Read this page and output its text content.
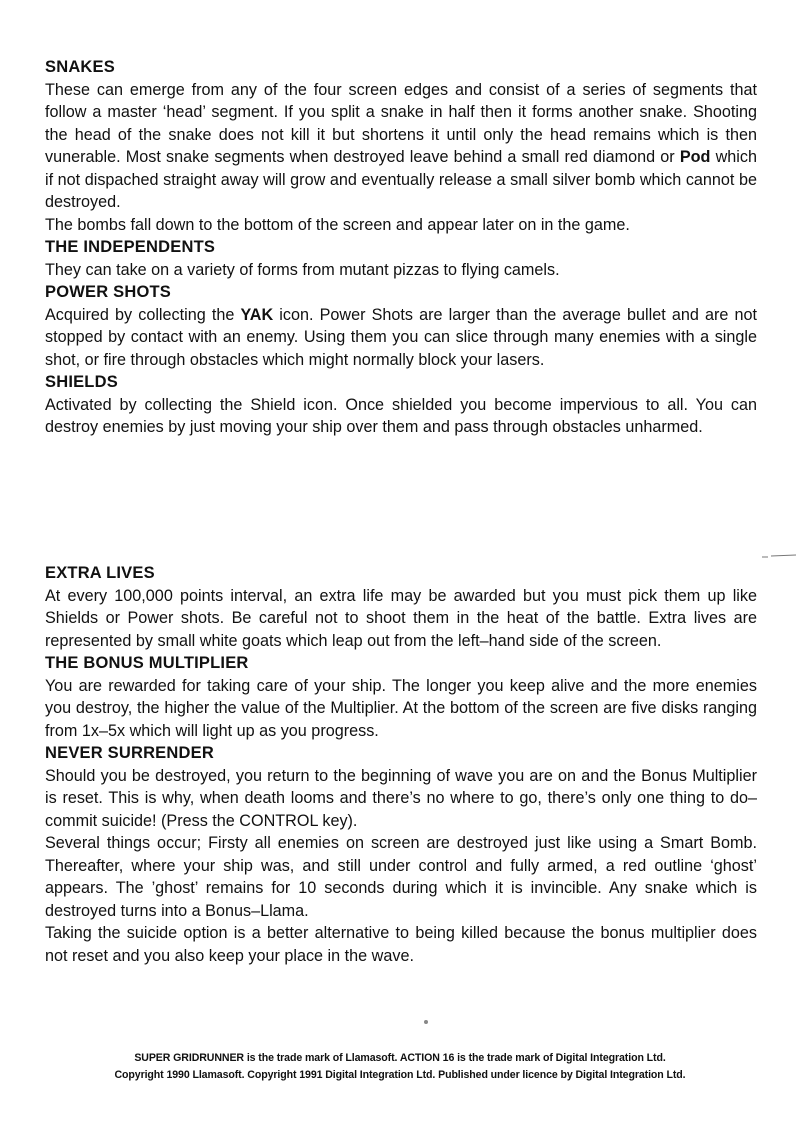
SNAKES

These can emerge from any of the four screen edges and consist of a series of segments that follow a master ‘head’ segment. If you split a snake in half then it forms another snake. Shooting the head of the snake does not kill it but shortens it until only the head remains which is then vunerable. Most snake segments when destroyed leave behind a small red diamond or Pod which if not dispached straight away will grow and eventually release a small silver bomb which cannot be destroyed.

The bombs fall down to the bottom of the screen and appear later on in the game.

THE INDEPENDENTS

They can take on a variety of forms from mutant pizzas to flying camels.

POWER SHOTS

Acquired by collecting the YAK icon. Power Shots are larger than the average bullet and are not stopped by contact with an enemy. Using them you can slice through many enemies with a single shot, or fire through obstacles which might normally block your lasers.

SHIELDS

Activated by collecting the Shield icon. Once shielded you become impervious to all. You can destroy enemies by just moving your ship over them and pass through obstacles unharmed.

EXTRA LIVES

At every 100,000 points interval, an extra life may be awarded but you must pick them up like Shields or Power shots. Be careful not to shoot them in the heat of the battle. Extra lives are represented by small white goats which leap out from the left–hand side of the screen.

THE BONUS MULTIPLIER

You are rewarded for taking care of your ship. The longer you keep alive and the more enemies you destroy, the higher the value of the Multiplier. At the bottom of the screen are five disks ranging from 1x–5x which will light up as you progress.

NEVER SURRENDER

Should you be destroyed, you return to the beginning of wave you are on and the Bonus Multiplier is reset. This is why, when death looms and there’s no where to go, there’s only one thing to do–commit suicide! (Press the CONTROL key).

Several things occur; Firsty all enemies on screen are destroyed just like using a Smart Bomb. Thereafter, where your ship was, and still under control and fully armed, a red outline ‘ghost’ appears. The ’ghost’ remains for 10 seconds during which it is invincible. Any snake which is destroyed turns into a Bonus–Llama.

Taking the suicide option is a better alternative to being killed because the bonus multiplier does not reset and you also keep your place in the wave.

SUPER GRIDRUNNER is the trade mark of Llamasoft. ACTION 16 is the trade mark of Digital Integration Ltd.
Copyright 1990 Llamasoft. Copyright 1991 Digital Integration Ltd. Published under licence by Digital Integration Ltd.
